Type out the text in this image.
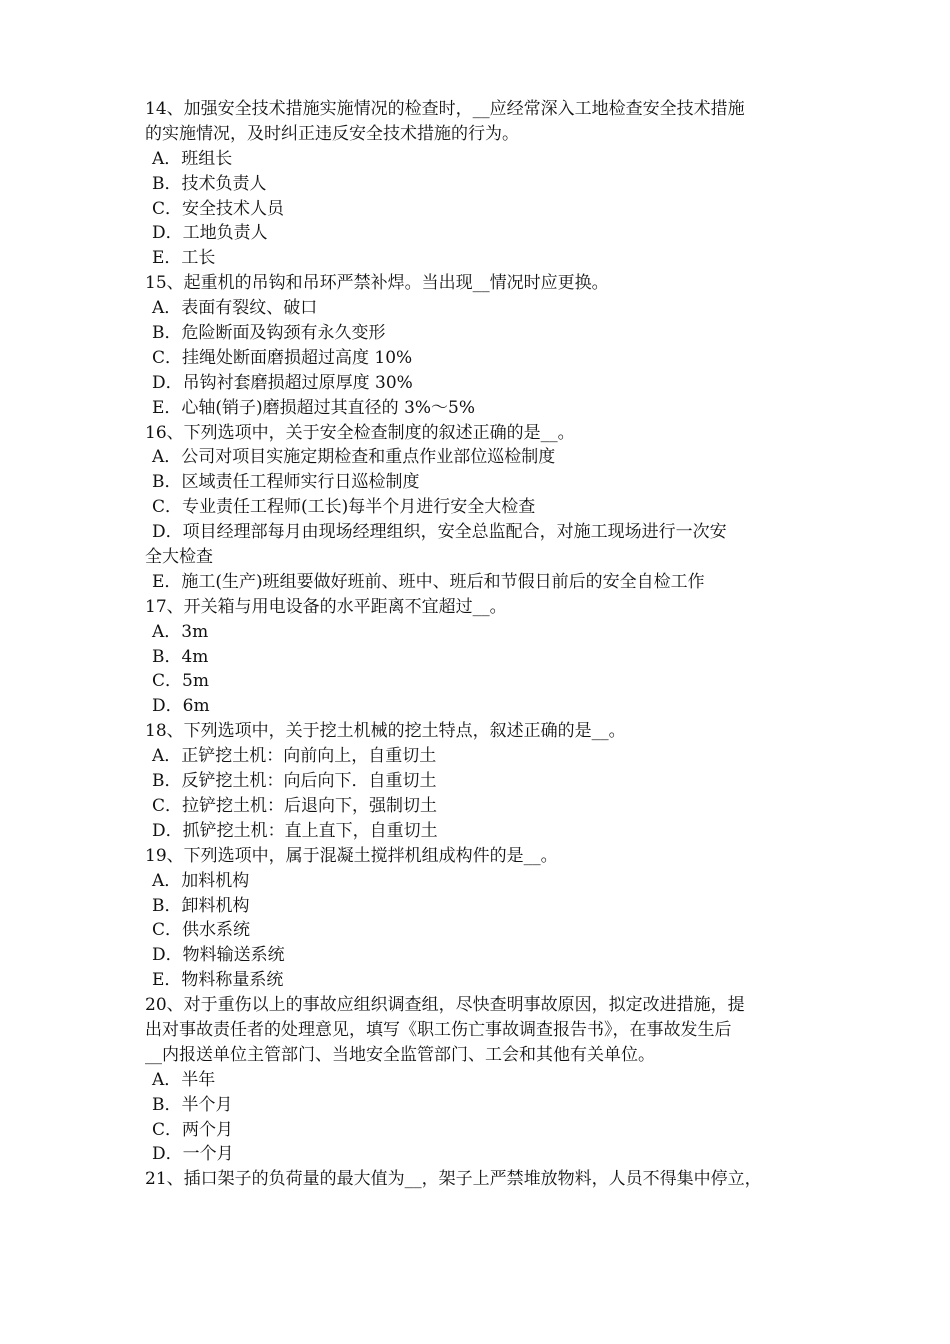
14、加强安全技术措施实施情况的检查时，__应经常深入工地检查安全技术措施
的实施情况，及时纠正违反安全技术措施的行为。
A．班组长
B．技术负责人
C．安全技术人员
D．工地负责人
E．工长
15、起重机的吊钩和吊环严禁补焊。当出现__情况时应更换。
A．表面有裂纹、破口
B．危险断面及钩颈有永久变形
C．挂绳处断面磨损超过高度 10%
D．吊钩衬套磨损超过原厚度 30%
E．心轴(销子)磨损超过其直径的 3%～5%
16、下列选项中，关于安全检查制度的叙述正确的是__。
A．公司对项目实施定期检查和重点作业部位巡检制度
B．区域责任工程师实行日巡检制度
C．专业责任工程师(工长)每半个月进行安全大检查
D．项目经理部每月由现场经理组织，安全总监配合，对施工现场进行一次安
全大检查
E．施工(生产)班组要做好班前、班中、班后和节假日前后的安全自检工作
17、开关箱与用电设备的水平距离不宜超过__。
A．3m
B．4m
C．5m
D．6m
18、下列选项中，关于挖土机械的挖土特点，叙述正确的是__。
A．正铲挖土机：向前向上，自重切土
B．反铲挖土机：向后向下．自重切土
C．拉铲挖土机：后退向下，强制切土
D．抓铲挖土机：直上直下，自重切土
19、下列选项中，属于混凝土搅拌机组成构件的是__。
A．加料机构
B．卸料机构
C．供水系统
D．物料输送系统
E．物料称量系统
20、对于重伤以上的事故应组织调查组，尽快查明事故原因，拟定改进措施，提
出对事故责任者的处理意见，填写《职工伤亡事故调查报告书》，在事故发生后
__内报送单位主管部门、当地安全监管部门、工会和其他有关单位。
A．半年
B．半个月
C．两个月
D．一个月
21、插口架子的负荷量的最大值为__，架子上严禁堆放物料，人员不得集中停立，
